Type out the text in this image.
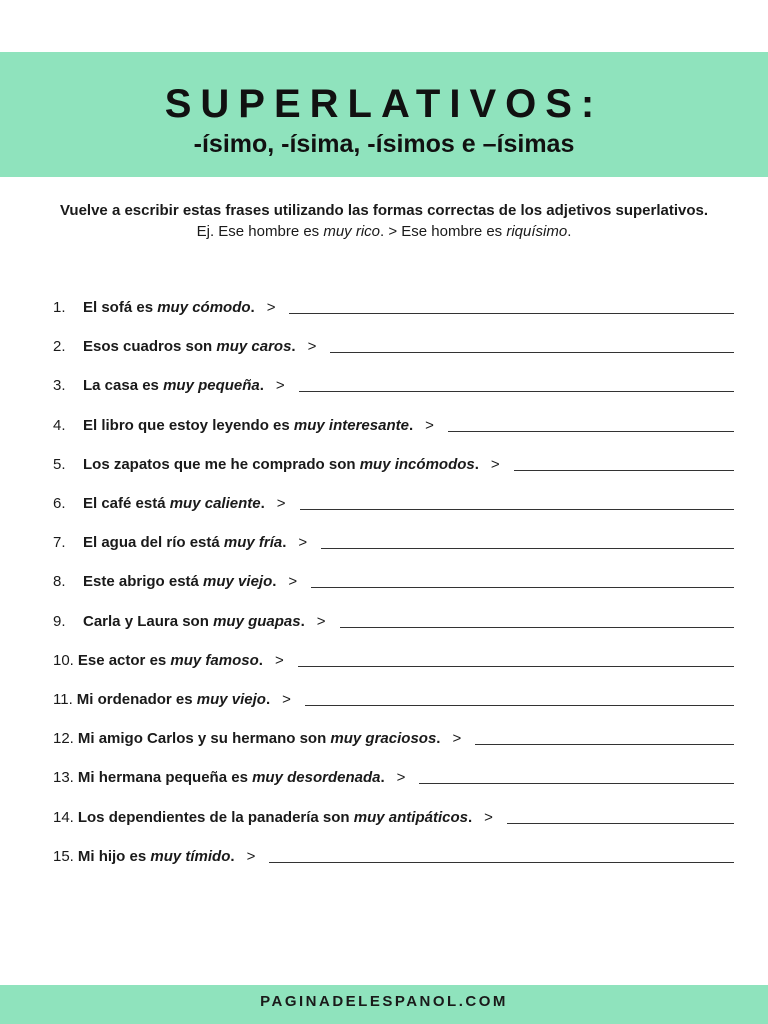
SUPERLATIVOS:
-ísimo, -ísima, -ísimos e –ísimas
Vuelve a escribir estas frases utilizando las formas correctas de los adjetivos superlativos.
Ej. Ese hombre es muy rico. > Ese hombre es riquísimo.
1.	El sofá es muy cómodo. >
2.	Esos cuadros son muy caros. >
3.	La casa es muy pequeña. >
4.	El libro que estoy leyendo es muy interesante. >
5.	Los zapatos que me he comprado son muy incómodos. >
6.	El café está muy caliente. >
7.	El agua del río está muy fría. >
8.	Este abrigo está muy viejo. >
9.	Carla y Laura son muy guapas. >
10. Ese actor es muy famoso. >
11. Mi ordenador es muy viejo. >
12. Mi amigo Carlos y su hermano son muy graciosos. >
13. Mi hermana pequeña es muy desordenada. >
14. Los dependientes de la panadería son muy antipáticos. >
15. Mi hijo es muy tímido. >
PAGINADELESPANOL.COM
